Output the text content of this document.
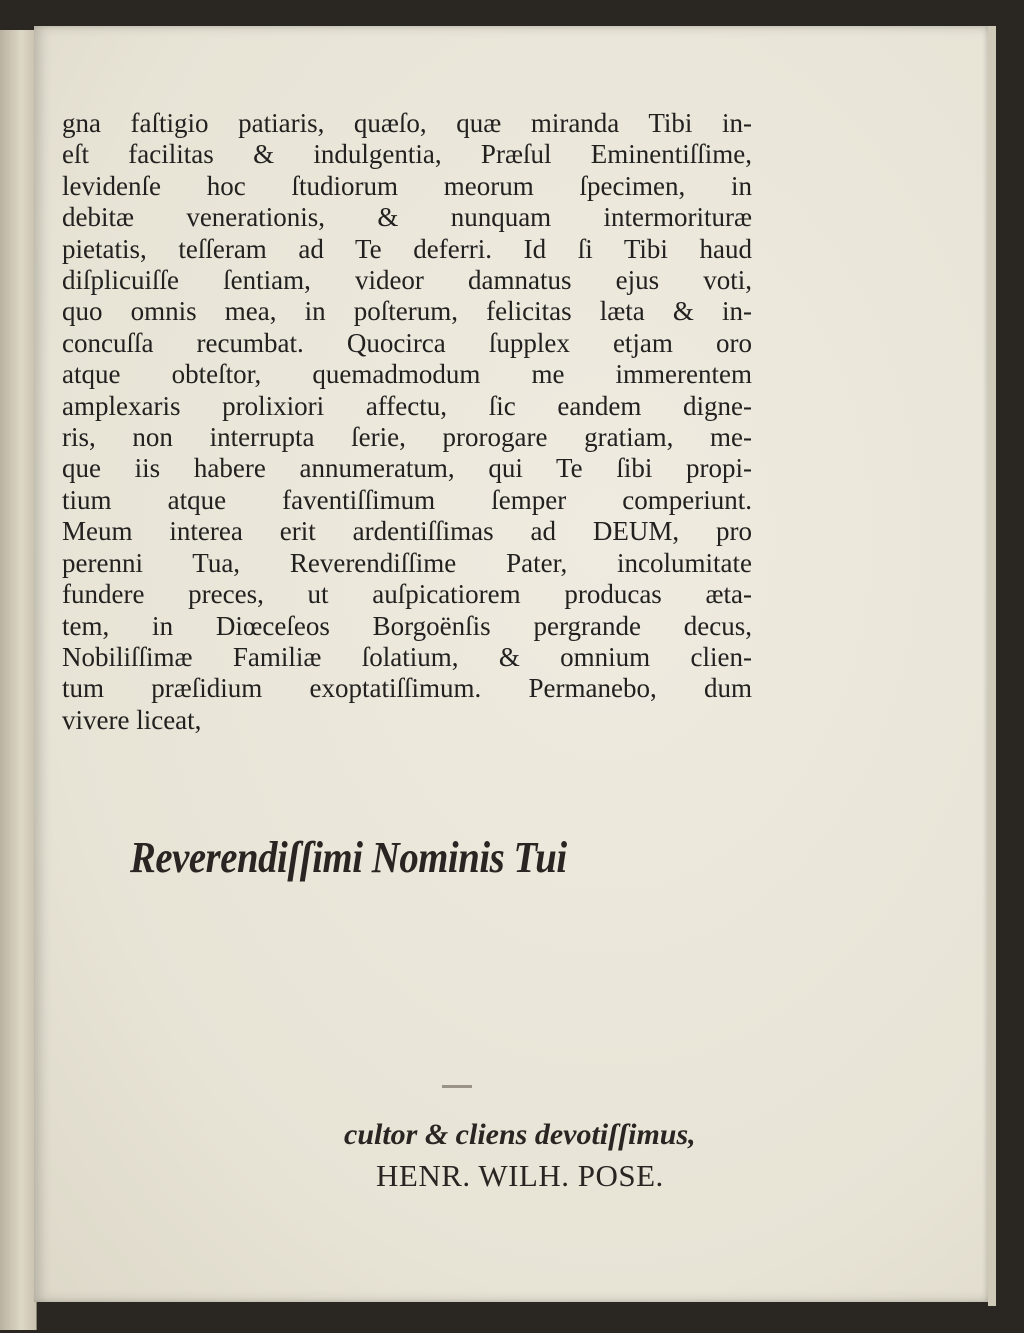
gna faſtigio patiaris, quæſo, quæ miranda Tibi in-
eſt facilitas & indulgentia, Præſul Eminentiſſime,
levidenſe hoc ſtudiorum meorum ſpecimen, in
debitæ venerationis, & nunquam intermorituræ
pietatis, teſſeram ad Te deferri. Id ſi Tibi haud
diſplicuiſſe ſentiam, videor damnatus ejus voti,
quo omnis mea, in poſterum, felicitas læta & in-
concuſſa recumbat. Quocirca ſupplex etjam oro
atque obteſtor, quemadmodum me immerentem
amplexaris prolixiori affectu, ſic eandem digne-
ris, non interrupta ſerie, prorogare gratiam, me-
que iis habere annumeratum, qui Te ſibi propi-
tium atque faventiſſimum ſemper comperiunt.
Meum interea erit ardentiſſimas ad DEUM, pro
perenni Tua, Reverendiſſime Pater, incolumitate
fundere preces, ut auſpicatiorem producas æta-
tem, in Diœceſeos Borgoënſis pergrande decus,
Nobiliſſimæ Familiæ ſolatium, & omnium clien-
tum præſidium exoptatiſſimum. Permanebo, dum
vivere liceat,
Reverendiſſimi Nominis Tui
cultor & cliens devotiſſimus,
HENR. WILH. POSE.
